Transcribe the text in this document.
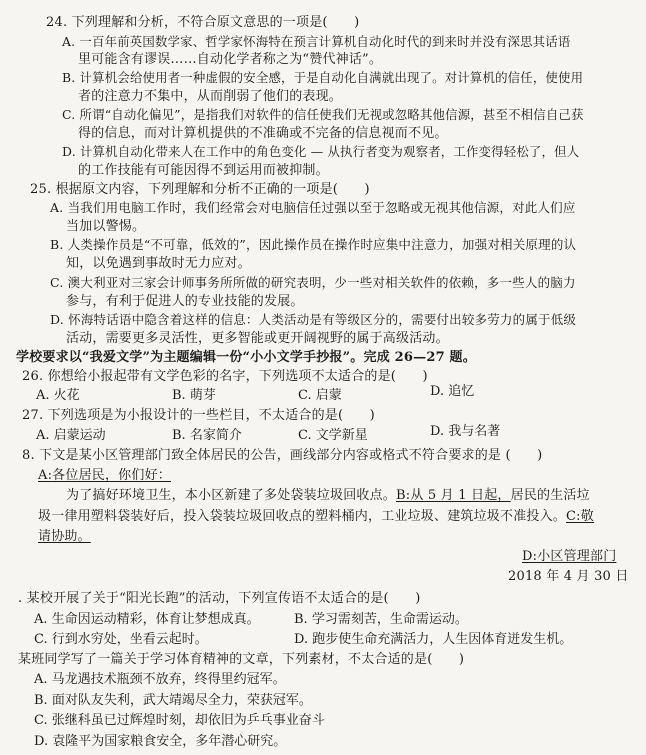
24. 下列理解和分析，不符合原文意思的一项是(　　)
A. 一百年前英国数学家、哲学家怀海特在预言计算机自动化时代的到来时并没有深思其话语
里可能含有谬误……自动化学者称之为“赞代神话”。
B. 计算机会给使用者一种虚假的安全感，于是自动化自满就出现了。对计算机的信任，使使用
者的注意力不集中，从而削弱了他们的表现。
C. 所谓“自动化偏见”，是指我们对软件的信任使我们无视或忽略其他信源，甚至不相信自己获
得的信息，而对计算机提供的不准确或不完备的信息视而不见。
D. 计算机自动化带来人在工作中的角色变化 — 从执行者变为观察者，工作变得轻松了，但人
的工作技能有可能因得不到运用而被抑制。
25. 根据原文内容，下列理解和分析不正确的一项是(　　)
A. 当我们用电脑工作时，我们经常会对电脑信任过强以至于忽略或无视其他信源，对此人们应
当加以警惕。
B. 人类操作员是“不可靠，低效的”，因此操作员在操作时应集中注意力，加强对相关原理的认
知，以免遇到事故时无力应对。
C. 澳大利亚对三家会计师事务所所做的研究表明，少一些对相关软件的依赖，多一些人的脑力
参与，有利于促进人的专业技能的发展。
D. 怀海特话语中隐含着这样的信息：人类活动是有等级区分的，需要付出较多劳力的属于低级
活动，需要更多灵活性，更多智能或更开阔视野的属于高级活动。
学校要求以“我爱文学”为主题编辑一份“小小文学手抄报”。完成 26—27 题。
26. 你想给小报起带有文学色彩的名字，下列选项不太适合的是(　　)
A. 火花	B. 萌芽	C. 启蒙	D. 追忆
27. 下列选项是为小报设计的一些栏目，不太适合的是(　　)
A. 启蒙运动	B. 名家简介	C. 文学新星	D. 我与名著
8. 下文是某小区管理部门致全体居民的公告，画线部分内容或格式不符合要求的是 (　　)
A:各位居民，你们好：
为了搞好环境卫生，本小区新建了多处袋装垃圾回收点。B:从 5 月 1 日起，居民的生活垃
圾一律用塑料袋装好后，投入袋装垃圾回收点的塑料桶内，工业垃圾、建筑垃圾不准投入。C:敬
请协助。
D:小区管理部门
2018 年 4 月 30 日
. 某校开展了关于“阳光长跑”的活动，下列宣传语不太适合的是(　　)
A. 生命因运动精彩，体育让梦想成真。	B. 学习需刻苦，生命需运动。
C. 行到水穷处，坐看云起时。	D. 跑步使生命充满活力，人生因体育迸发生机。
某班同学写了一篇关于学习体育精神的文章，下列素材，不太合适的是(　　)
A. 马龙遇技术瓶颈不放弃，终得里约冠军。
B. 面对队友失利，武大靖竭尽全力，荣获冠军。
C. 张继科虽已过辉煌时刻，却依旧为乒乓事业奋斗
D. 袁隆平为国家粮食安全，多年潜心研究。
